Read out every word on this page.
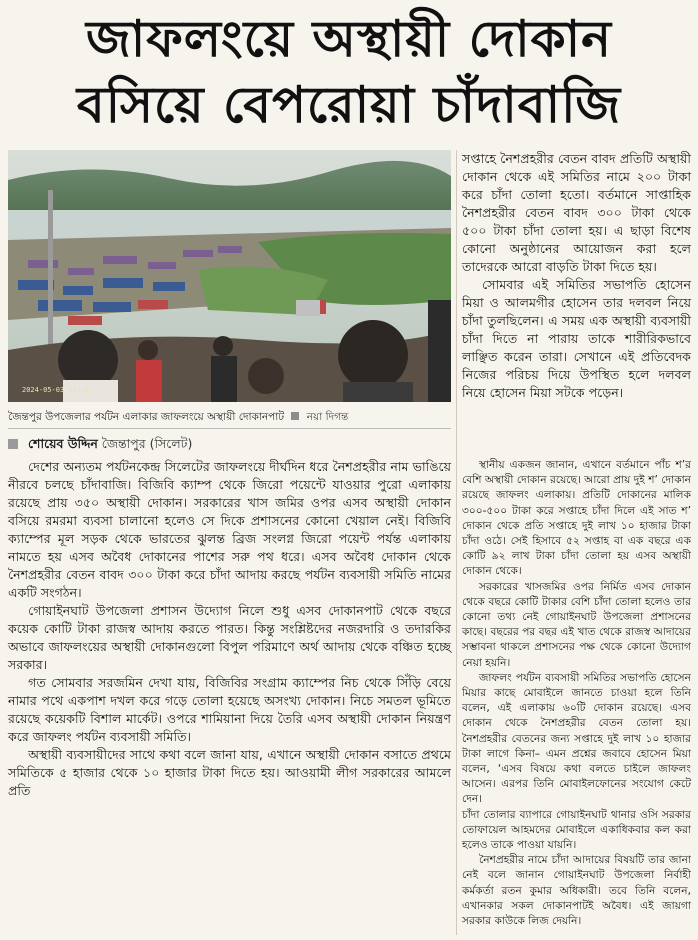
জাফলংয়ে অস্থায়ী দোকান
বসিয়ে বেপরোয়া চাঁদাবাজি
2024-05-03 11:26
জৈন্তপুর উপজেলার পর্যটন এলাকার জাফলংয়ে অস্থায়ী দোকানপাট নয়া দিগন্ত
শোয়েব উদ্দিন জৈন্তাপুর (সিলেট)

দেশের অন্যতম পর্যটনকেন্দ্র সিলেটের জাফলংয়ে দীর্ঘদিন ধরে নৈশপ্রহরীর নাম ভাঙিয়ে নীরবে চলছে চাঁদাবাজি। বিজিবি ক্যাম্প থেকে জিরো পয়েন্টে যাওয়ার পুরো এলাকায় রয়েছে প্রায় ৩৫০ অস্থায়ী দোকান। সরকারের খাস জমির ওপর এসব অস্থায়ী দোকান বসিয়ে রমরমা ব্যবসা চালানো হলেও সে দিকে প্রশাসনের কোনো খেয়াল নেই। বিজিবি ক্যাম্পের মূল সড়ক থেকে ভারতের ঝুলন্ত ব্রিজ সংলগ্ন জিরো পয়েন্ট পর্যন্ত এলাকায় নামতে হয় এসব অবৈধ দোকানের পাশের সরু পথ ধরে। এসব অবৈধ দোকান থেকে নৈশপ্রহরীর বেতন বাবদ ৩০০ টাকা করে চাঁদা আদায় করছে পর্যটন ব্যবসায়ী সমিতি নামের একটি সংগঠন।

গোয়াইনঘাট উপজেলা প্রশাসন উদ্যোগ নিলে শুধু এসব দোকানপাট থেকে বছরে কয়েক কোটি টাকা রাজস্ব আদায় করতে পারত। কিন্তু সংশ্লিষ্টদের নজরদারি ও তদারকির অভাবে জাফলংয়ের অস্থায়ী দোকানগুলো বিপুল পরিমাণে অর্থ আদায় থেকে বঞ্চিত হচ্ছে সরকার।

গত সোমবার সরজমিন দেখা যায়, বিজিবির সংগ্রাম ক্যাম্পের নিচ থেকে সিঁড়ি বেয়ে নামার পথে একপাশ দখল করে গড়ে তোলা হয়েছে অসংখ্য দোকান। নিচে সমতল ভূমিতে রয়েছে কয়েকটি বিশাল মার্কেট। ওপরে শামিয়ানা দিয়ে তৈরি এসব অস্থায়ী দোকান নিয়ন্ত্রণ করে জাফলং পর্যটন ব্যবসায়ী সমিতি।

অস্থায়ী ব্যবসায়ীদের সাথে কথা বলে জানা যায়, এখানে অস্থায়ী দোকান বসাতে প্রথমে সমিতিকে ৫ হাজার থেকে ১০ হাজার টাকা দিতে হয়। আওয়ামী লীগ সরকারের আমলে প্রতি

সপ্তাহে নৈশপ্রহরীর বেতন বাবদ প্রতিটি অস্থায়ী দোকান থেকে এই সমিতির নামে ২০০ টাকা করে চাঁদা তোলা হতো। বর্তমানে সাপ্তাহিক নৈশপ্রহরীর বেতন বাবদ ৩০০ টাকা থেকে ৫০০ টাকা চাঁদা তোলা হয়। এ ছাড়া বিশেষ কোনো অনুষ্ঠানের আয়োজন করা হলে তাদেরকে আরো বাড়তি টাকা দিতে হয়।

সোমবার এই সমিতির সভাপতি হোসেন মিয়া ও আলমগীর হোসেন তার দলবল নিয়ে চাঁদা তুলছিলেন। এ সময় এক অস্থায়ী ব্যবসায়ী চাঁদা দিতে না পারায় তাকে শারীরিকভাবে লাঞ্ছিত করেন তারা। সেখানে এই প্রতিবেদক নিজের পরিচয় দিয়ে উপস্থিত হলে দলবল নিয়ে হোসেন মিয়া সটকে পড়েন।

স্থানীয় একজন জানান, এখানে বর্তমানে পাঁচ শ’র বেশি অস্থায়ী দোকান রয়েছে। আরো প্রায় দুই শ’ দোকান রয়েছে জাফলং এলাকায়। প্রতিটি দোকানের মালিক ৩০০-৫০০ টাকা করে সপ্তাহে চাঁদা দিলে এই সাত শ’ দোকান থেকে প্রতি সপ্তাহে দুই লাখ ১০ হাজার টাকা চাঁদা ওঠে। সেই হিসাবে ৫২ সপ্তাহ বা এক বছরে এক কোটি ৯২ লাখ টাকা চাঁদা তোলা হয় এসব অস্থায়ী দোকান থেকে।

সরকারের খাসজমির ওপর নির্মিত এসব দোকান থেকে বছরে কোটি টাকার বেশি চাঁদা তোলা হলেও তার কোনো তথ্য নেই গোয়াইনঘাট উপজেলা প্রশাসনের কাছে। বছরের পর বছর এই খাত থেকে রাজস্ব আদায়ের সম্ভাবনা থাকলে প্রশাসনের পক্ষ থেকে কোনো উদ্যোগ নেয়া হয়নি।

জাফলং পর্যটন ব্যবসায়ী সমিতির সভাপতি হোসেন মিয়ার কাছে মোবাইলে জানতে চাওয়া হলে তিনি বলেন, এই এলাকায় ৬০টি দোকান রয়েছে। এসব দোকান থেকে নৈশপ্রহরীর বেতন তোলা হয়। নৈশপ্রহরীর বেতনের জন্য সপ্তাহে দুই লাখ ১০ হাজার টাকা লাগে কিনা– এমন প্রশ্নের জবাবে হোসেন মিয়া বলেন, ‘এসব বিষয়ে কথা বলতে চাইলে জাফলং আসেন। এরপর তিনি মোবাইলফোনের সংযোগ কেটে দেন।

চাঁদা তোলার ব্যাপারে গোয়াইনঘাট থানার ওসি সরকার তোফায়েল আহমদের মোবাইলে একাধিকবার কল করা হলেও তাকে পাওয়া যায়নি।

নৈশপ্রহরীর নামে চাঁদা আদায়ের বিষয়টি তার জানা নেই বলে জানান গোয়াইনঘাট উপজেলা নির্বাহী কর্মকর্তা রতন কুমার অধিকারী। তবে তিনি বলেন, এখানকার সকল দোকানপাটই অবৈধ। এই জায়গা সরকার কাউকে লিজ দেয়নি।
